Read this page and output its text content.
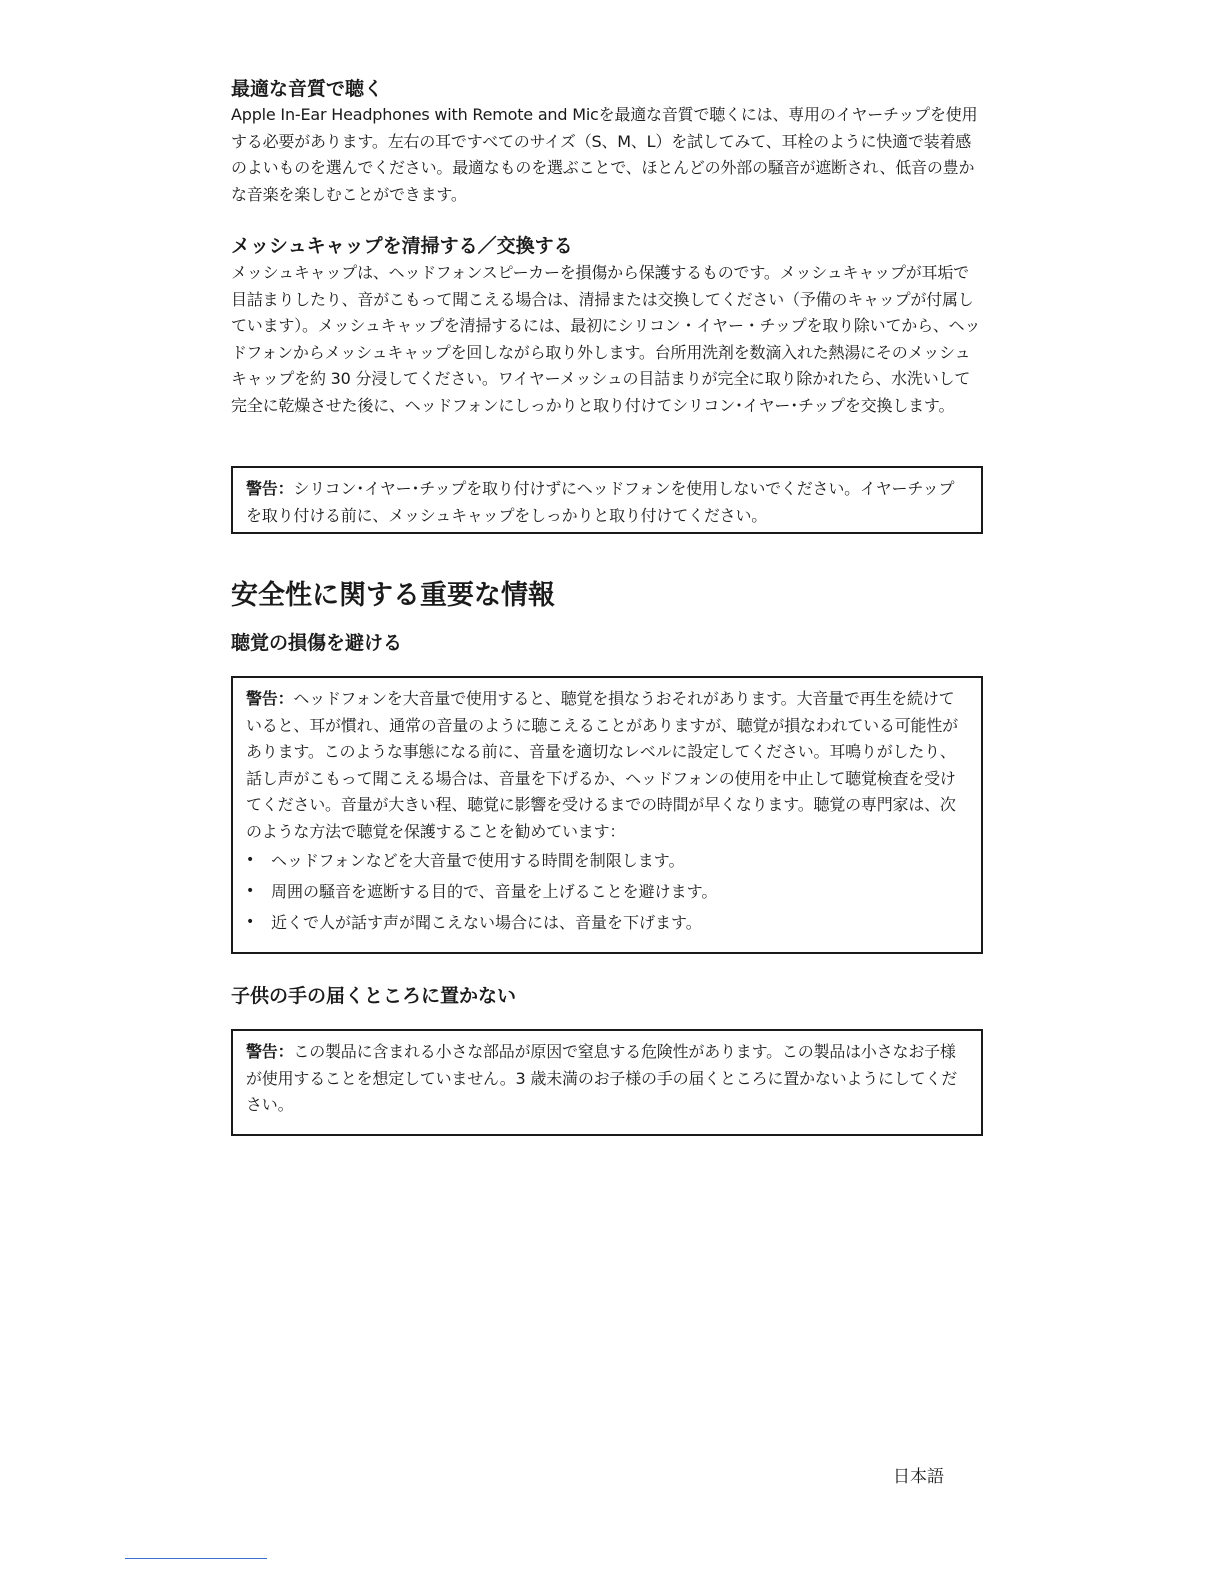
最適な音質で聴く

Apple In-Ear Headphones with Remote and Micを最適な音質で聴くには、専用のイヤーチップを使用する必要があります。左右の耳ですべてのサイズ（S、M、L）を試してみて、耳栓のように快適で装着感のよいものを選んでください。最適なものを選ぶことで、ほとんどの外部の騒音が遮断され、低音の豊かな音楽を楽しむことができます。

メッシュキャップを清掃する／交換する

メッシュキャップは、ヘッドフォンスピーカーを損傷から保護するものです。メッシュキャップが耳垢で目詰まりしたり、音がこもって聞こえる場合は、清掃または交換してください（予備のキャップが付属しています）。メッシュキャップを清掃するには、最初にシリコン・イヤー・チップを取り除いてから、ヘッドフォンからメッシュキャップを回しながら取り外します。台所用洗剤を数滴入れた熱湯にそのメッシュキャップを約 30 分浸してください。ワイヤーメッシュの目詰まりが完全に取り除かれたら、水洗いして完全に乾燥させた後に、ヘッドフォンにしっかりと取り付けてシリコン･イヤー･チップを交換します。

警告：シリコン･イヤー･チップを取り付けずにヘッドフォンを使用しないでください。イヤーチップを取り付ける前に、メッシュキャップをしっかりと取り付けてください。

安全性に関する重要な情報
聴覚の損傷を避ける

警告：ヘッドフォンを大音量で使用すると、聴覚を損なうおそれがあります。大音量で再生を続けていると、耳が慣れ、通常の音量のように聴こえることがありますが、聴覚が損なわれている可能性があります。このような事態になる前に、音量を適切なレベルに設定してください。耳鳴りがしたり、話し声がこもって聞こえる場合は、音量を下げるか、ヘッドフォンの使用を中止して聴覚検査を受けてください。音量が大きい程、聴覚に影響を受けるまでの時間が早くなります。聴覚の専門家は、次のような方法で聴覚を保護することを勧めています：

• ヘッドフォンなどを大音量で使用する時間を制限します。
• 周囲の騒音を遮断する目的で、音量を上げることを避けます。
• 近くで人が話す声が聞こえない場合には、音量を下げます。
子供の手の届くところに置かない

警告：この製品に含まれる小さな部品が原因で窒息する危険性があります。この製品は小さなお子様が使用することを想定していません。3 歳未満のお子様の手の届くところに置かないようにしてください。

日本語
